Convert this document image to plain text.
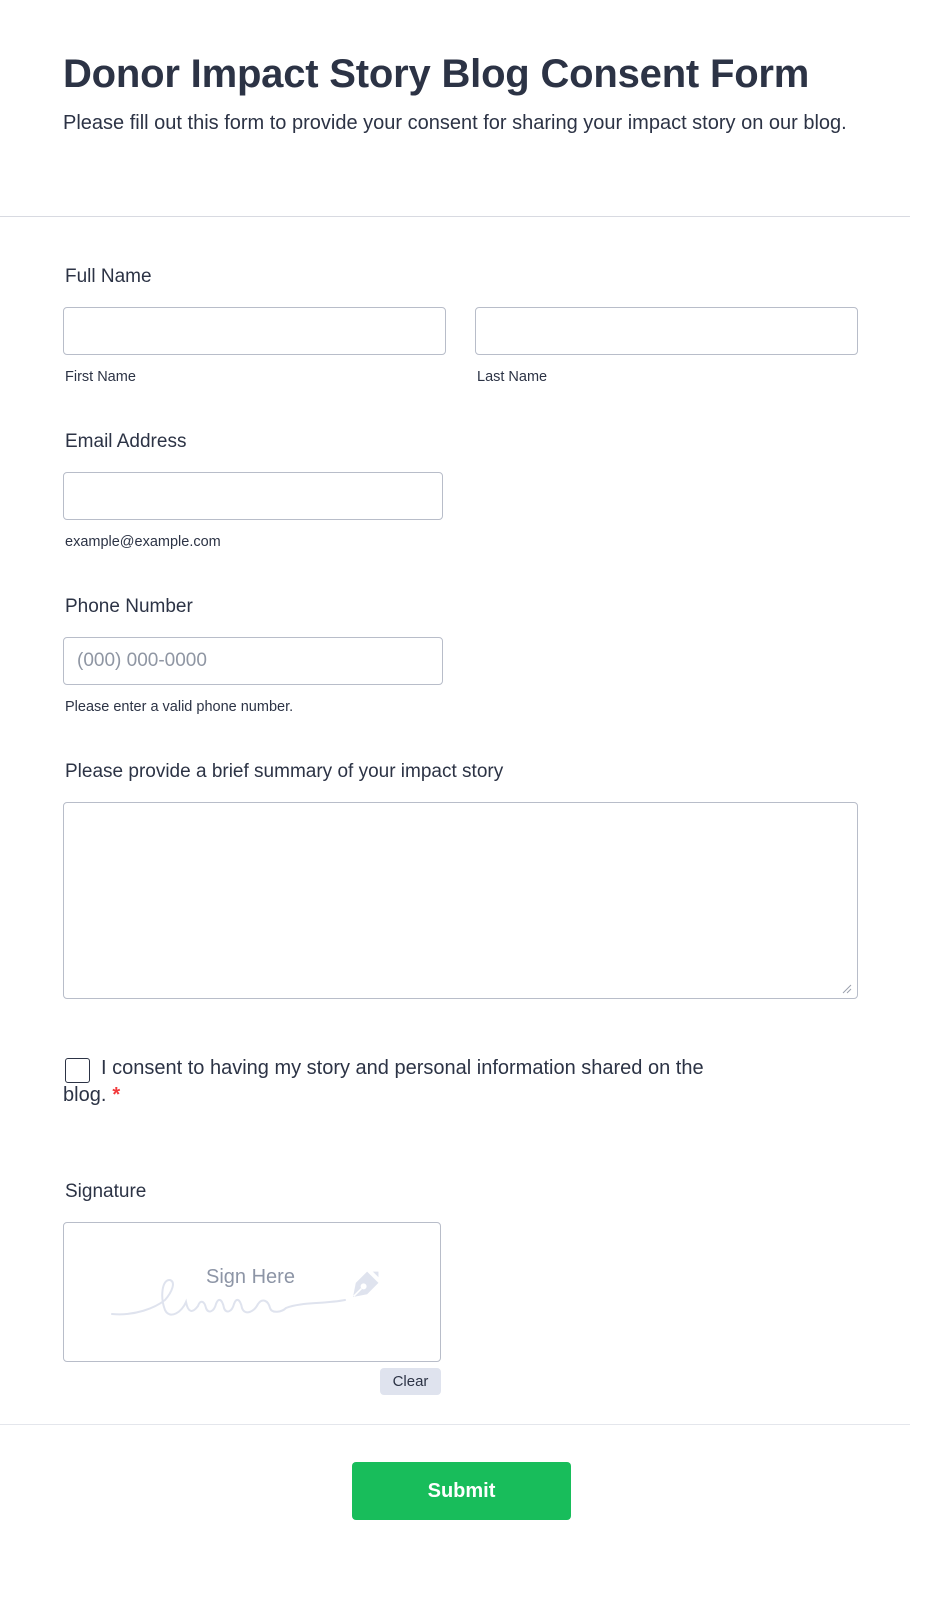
Donor Impact Story Blog Consent Form

Please fill out this form to provide your consent for sharing your impact story on our blog.

Full Name
First Name	Last Name
Email Address
example@example.com
Phone Number
(000) 000-0000
Please enter a valid phone number.
Please provide a brief summary of your impact story

I consent to having my story and personal information shared on the blog. *

Signature
Sign Here
Clear
Submit
